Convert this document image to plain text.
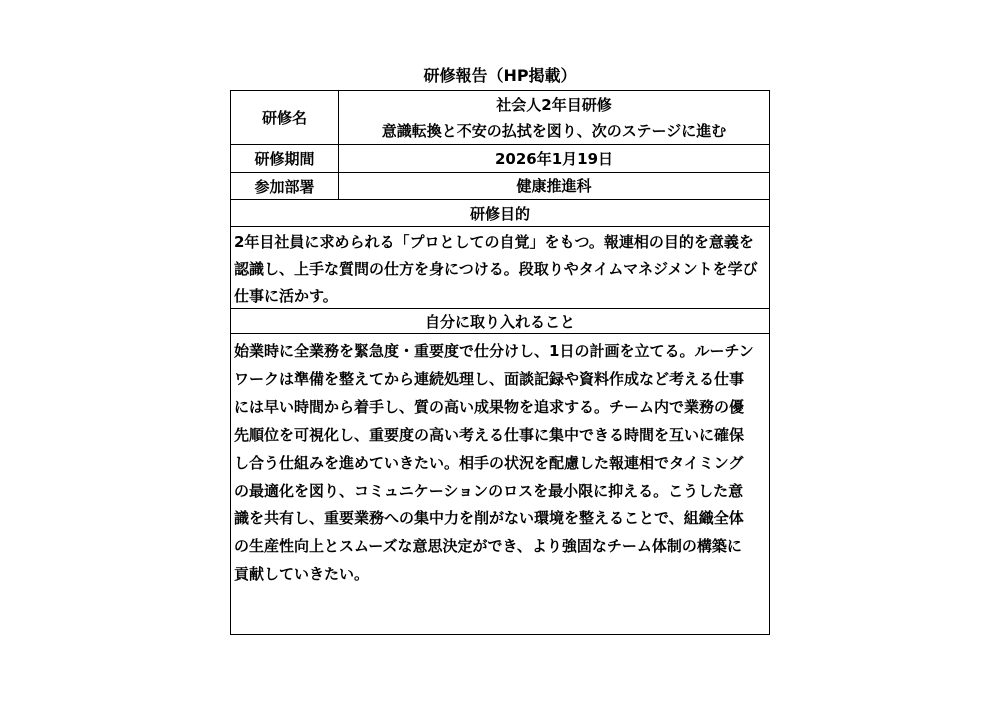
研修報告（HP掲載）
研修名
社会人2年目研修
意識転換と不安の払拭を図り、次のステージに進む
研修期間	2026年1月19日
参加部署	健康推進科
研修目的
2年目社員に求められる「プロとしての自覚」をもつ。報連相の目的を意義を認識し、上手な質問の仕方を身につける。段取りやタイムマネジメントを学び仕事に活かす。
自分に取り入れること
始業時に全業務を緊急度・重要度で仕分けし、1日の計画を立てる。ルーチンワークは準備を整えてから連続処理し、面談記録や資料作成など考える仕事には早い時間から着手し、質の高い成果物を追求する。チーム内で業務の優先順位を可視化し、重要度の高い考える仕事に集中できる時間を互いに確保し合う仕組みを進めていきたい。相手の状況を配慮した報連相でタイミングの最適化を図り、コミュニケーションのロスを最小限に抑える。こうした意識を共有し、重要業務への集中力を削がない環境を整えることで、組織全体の生産性向上とスムーズな意思決定ができ、より強固なチーム体制の構築に貢献していきたい。
